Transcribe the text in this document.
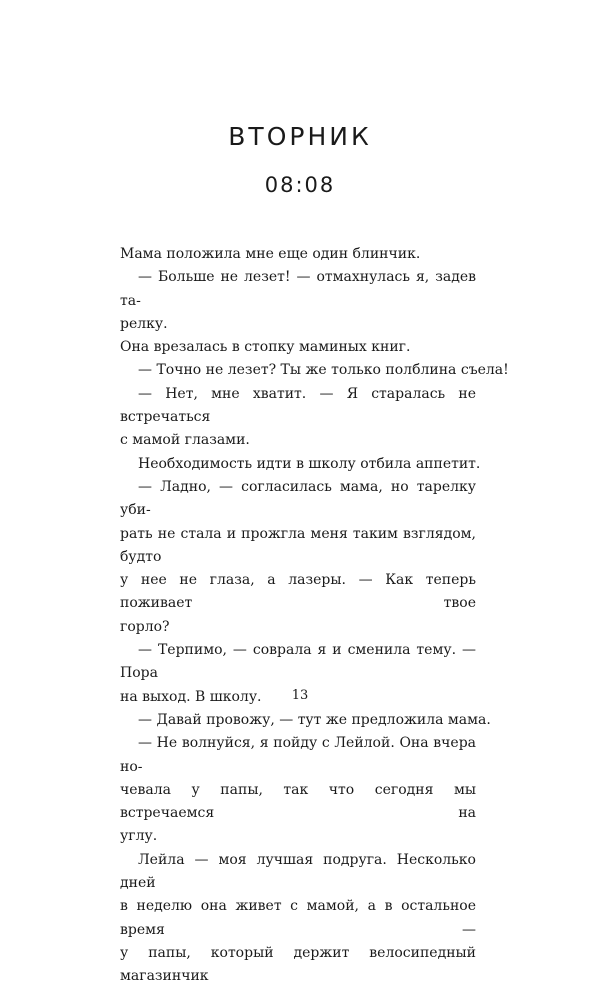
ВТОРНИК
08:08
Мама положила мне еще один блинчик.
— Больше не лезет! — отмахнулась я, задев та-
релку.
Она врезалась в стопку маминых книг.
— Точно не лезет? Ты же только полблина съела!
— Нет, мне хватит. — Я старалась не встречаться
с мамой глазами.
Необходимость идти в школу отбила аппетит.
— Ладно, — согласилась мама, но тарелку уби-
рать не стала и прожгла меня таким взглядом, будто
у нее не глаза, а лазеры. — Как теперь поживает твое
горло?
— Терпимо, — соврала я и сменила тему. — Пора
на выход. В школу.
— Давай провожу, — тут же предложила мама.
— Не волнуйся, я пойду с Лейлой. Она вчера но-
чевала у папы, так что сегодня мы встречаемся на
углу.
Лейла — моя лучшая подруга. Несколько дней
в неделю она живет с мамой, а в остальное время —
у папы, который держит велосипедный магазинчик
13
